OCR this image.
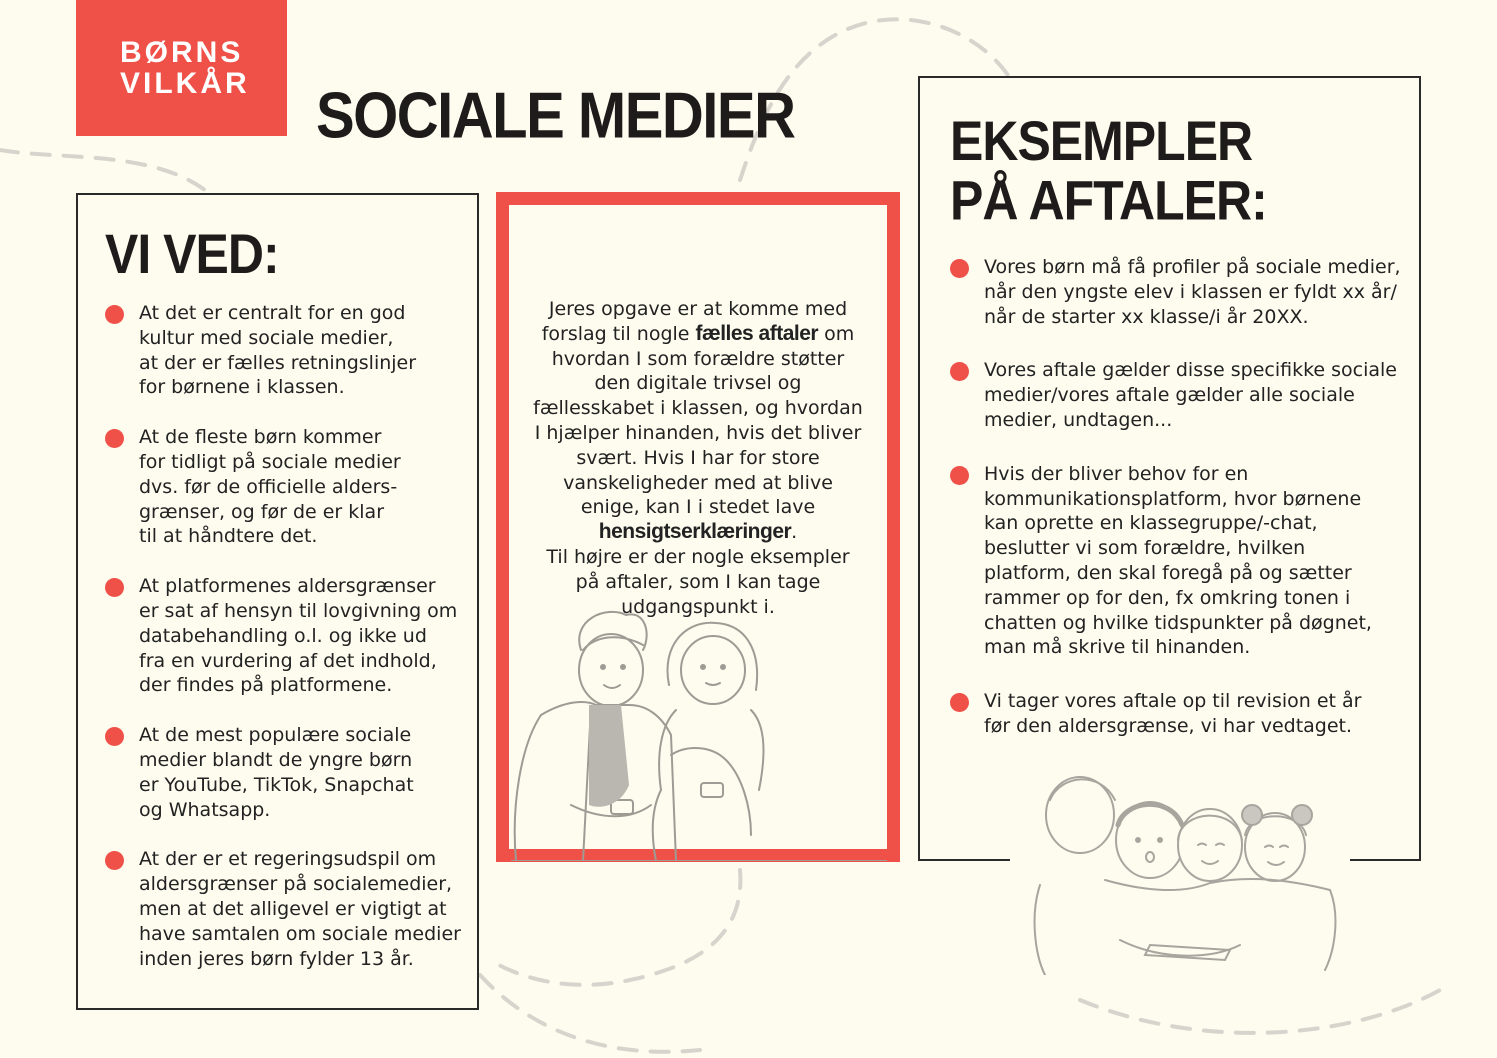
BØRNS
VILKÅR	SOCIALE MEDIER
VI VED:
At det er centralt for en god
kultur med sociale medier,
at der er fælles retningslinjer
for børnene i klassen.
At de fleste børn kommer
for tidligt på sociale medier
dvs. før de officielle alders-
grænser, og før de er klar
til at håndtere det.
At platformenes aldersgrænser
er sat af hensyn til lovgivning om
databehandling o.l. og ikke ud
fra en vurdering af det indhold,
der findes på platformene.
At de mest populære sociale
medier blandt de yngre børn
er YouTube, TikTok, Snapchat
og Whatsapp.
At der er et regeringsudspil om
aldersgrænser på socialemedier,
men at det alligevel er vigtigt at
have samtalen om sociale medier
inden jeres børn fylder 13 år.

Jeres opgave er at komme med forslag til nogle fælles aftaler om hvordan I som forældre støtter den digitale trivsel og fællesskabet i klassen, og hvordan I hjælper hinanden, hvis det bliver svært. Hvis I har for store vanskeligheder med at blive enige, kan I i stedet lave hensigtserklæringer.
Til højre er der nogle eksempler på aftaler, som I kan tage udgangspunkt i.

EKSEMPLER
PÅ AFTALER:
Vores børn må få profiler på sociale medier,
når den yngste elev i klassen er fyldt xx år/
når de starter xx klasse/i år 20XX.
Vores aftale gælder disse specifikke sociale
medier/vores aftale gælder alle sociale
medier, undtagen...
Hvis der bliver behov for en
kommunikationsplatform, hvor børnene
kan oprette en klassegruppe/-chat,
beslutter vi som forældre, hvilken
platform, den skal foregå på og sætter
rammer op for den, fx omkring tonen i
chatten og hvilke tidspunkter på døgnet,
man må skrive til hinanden.
Vi tager vores aftale op til revision et år
før den aldersgrænse, vi har vedtaget.
